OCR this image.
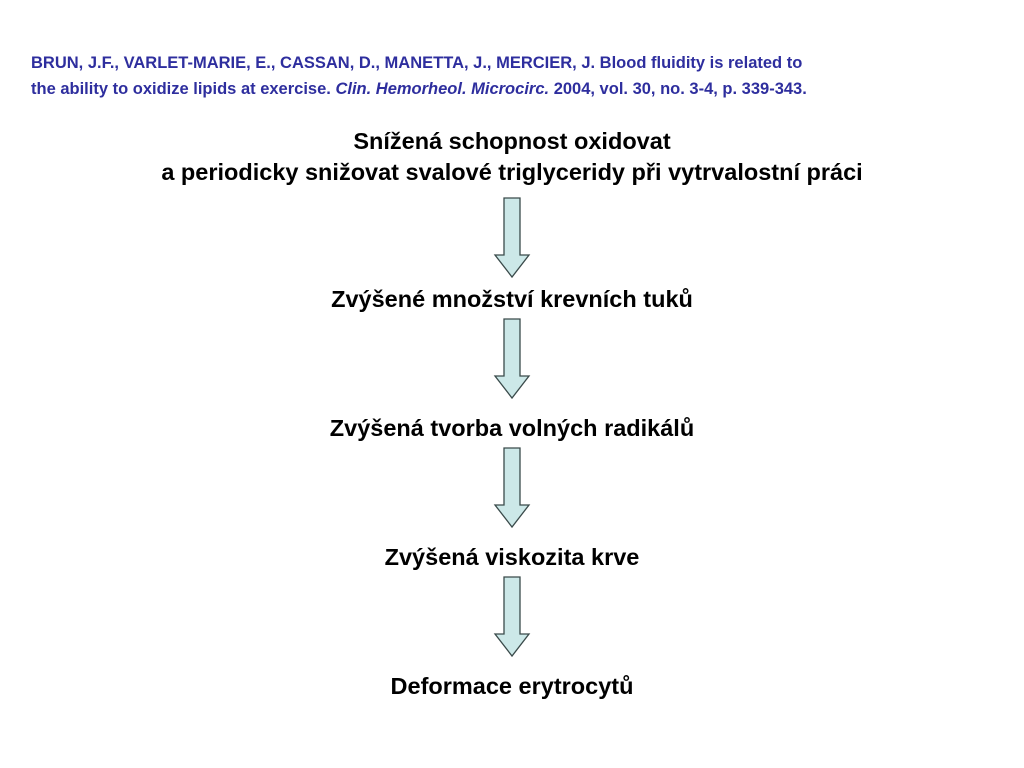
BRUN, J.F., VARLET-MARIE, E., CASSAN, D., MANETTA, J., MERCIER, J. Blood fluidity is related to
the ability to oxidize lipids at exercise. Clin. Hemorheol. Microcirc. 2004, vol. 30, no. 3-4, p. 339-343.
Snížená schopnost oxidovat
a periodicky snižovat svalové triglyceridy při vytrvalostní práci
Zvýšené množství krevních tuků
Zvýšená tvorba volných radikálů
Zvýšená viskozita krve
Deformace erytrocytů
